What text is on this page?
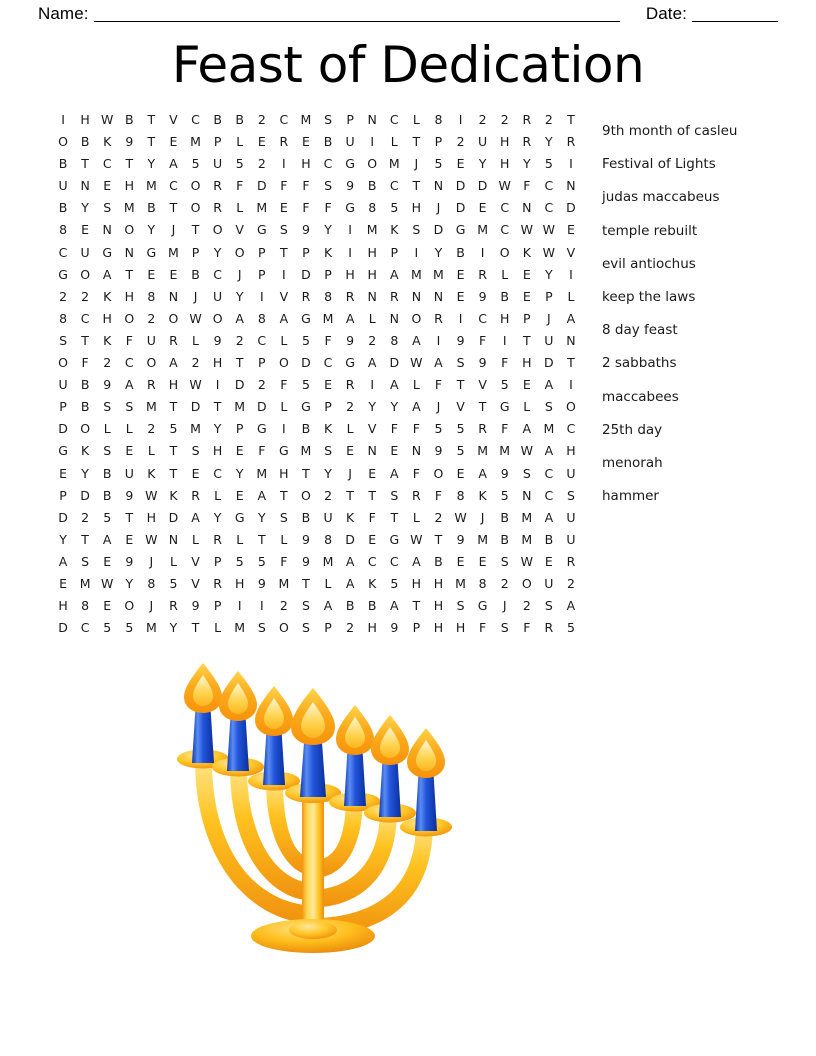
Name:	Date:
Feast of Dedication
I	H W B	T	V	C	B	B	2	C M	S	P	N	C	L	8	I	2	2	R	2	T
O	B	K	9	T	E	M	P	L	E	R	E	B	U	I	L	T	P	2	U	H	R	Y	R
B	T	C	T	Y	A	5	U	5	2	I	H	C	G O M	J	5	E	Y	H	Y	5	I
U	N	E	H M C	O	R	F	D	F	F	S	9	B	C	T	N	D D W F	C	N
B	Y	S	M B	T	O	R	L	M	E	F	F	G	8	5	H	J	D	E	C	N	C	D
8	E	N O	Y	J	T	O	V	G	S	9	Y	I	M	K	S	D G M C W W E
C	U	G	N	G M	P	Y	O	P	T	P	K	I	H	P	I	Y	B	I	O	K W V
G O	A	T	E	E	B	C	J	P	I	D	P	H	H	A M M	E	R	L	E	Y	I
2	2	K	H	8	N	J	U	Y	I	V	R	8	R	N	R	N	N	E	9	B	E	P	L
8	C	H O	2	O W O	A	8	A	G M A	L	N O	R	I	C	H	P	J	A
S	T	K	F	U	R	L	9	2	C	L	5	F	9	2	8	A	I	9	F	I	T	U	N
O	F	2	C	O	A	2	H	T	P	O D	C	G	A	D W A	S	9	F	H	D	T
U	B	9	A	R	H W	I	D	2	F	5	E	R	I	A	L	F	T	V	5	E	A	I
P	B	S	S	M	T	D	T	M D	L	G	P	2	Y	Y	A	J	V	T	G	L	S	O
D O	L	L	2	5	M	Y	P	G	I	B	K	L	V	F	F	5	5	R	F	A M C
G	K	S	E	L	T	S	H	E	F	G M	S	E	N	E	N	9	5	M M W A	H
E	Y	B	U	K	T	E	C	Y	M H	T	Y	J	E	A	F	O	E	A	9	S	C	U
P	D	B	9 W K	R	L	E	A	T	O	2	T	T	S	R	F	8	K	5	N	C	S
D	2	5	T	H	D	A	Y	G	Y	S	B	U	K	F	T	L	2 W	J	B M A	U
Y	T	A	E W N	L	R	L	T	L	9	8	D	E	G W T	9	M B M B	U
A	S	E	9	J	L	V	P	5	5	F	9	M A	C	C	A	B	E	E	S W E	R
E	M W Y	8	5	V	R	H	9	M	T	L	A	K	5	H	H M	8	2	O	U	2
H	8	E	O	J	R	9	P	I	I	2	S	A	B	B	A	T	H	S	G	J	2	S	A
D	C	5	5	M	Y	T	L	M	S	O	S	P	2	H	9	P	H	H	F	S	F	R	5
9th month of casleu
Festival of Lights
judas maccabeus
temple rebuilt
evil antiochus
keep the laws
8 day feast
2 sabbaths
maccabees
25th day
menorah
hammer
